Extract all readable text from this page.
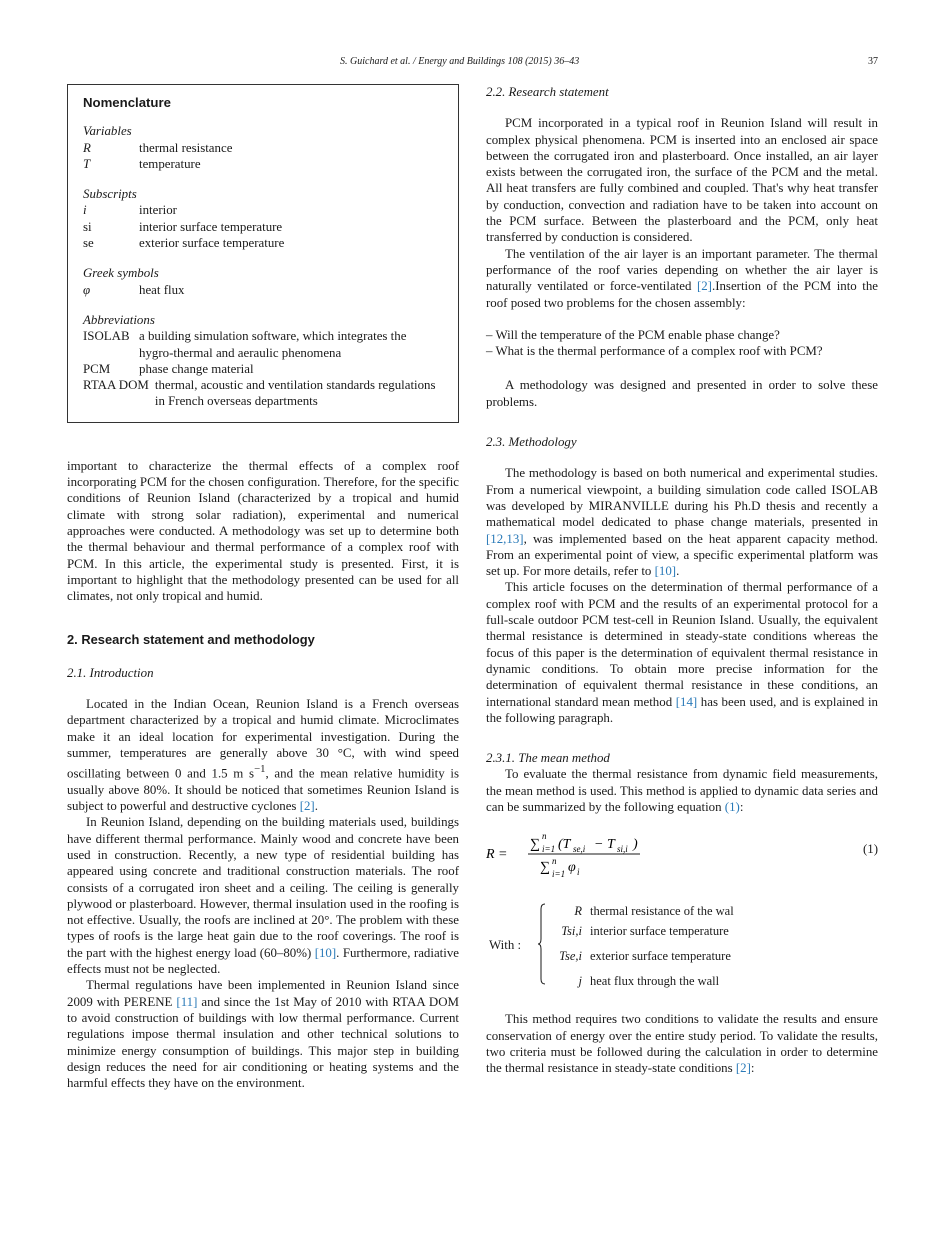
S. Guichard et al. / Energy and Buildings 108 (2015) 36–43	37
Nomenclature
Variables
R	thermal resistance
T	temperature
Subscripts
i	interior
si	interior surface temperature
se	exterior surface temperature
Greek symbols
φ	heat flux
Abbreviations
ISOLAB a building simulation software, which integrates the hygro-thermal and aeraulic phenomena
PCM	phase change material
RTAA DOM thermal, acoustic and ventilation standards regulations in French overseas departments

important to characterize the thermal effects of a complex roof incorporating PCM for the chosen configuration. Therefore, for the specific conditions of Reunion Island (characterized by a tropical and humid climate with strong solar radiation), experimental and numerical approaches were conducted. A methodology was set up to determine both the thermal behaviour and thermal performance of a complex roof with PCM. In this article, the experimental study is presented. First, it is important to highlight that the methodology presented can be used for all climates, not only tropical and humid.

2. Research statement and methodology
2.1. Introduction

Located in the Indian Ocean, Reunion Island is a French overseas department characterized by a tropical and humid climate. Microclimates make it an ideal location for experimental investigation. During the summer, temperatures are generally above 30 °C, with wind speed oscillating between 0 and 1.5 m $s^{-1}$, and the mean relative humidity is usually above 80%. It should be noticed that sometimes Reunion Island is subject to powerful and destructive cyclones [2].

In Reunion Island, depending on the building materials used, buildings have different thermal performance. Mainly wood and concrete have been used in construction. Recently, a new type of residential building has appeared using concrete and traditional construction materials. The roof consists of a corrugated iron sheet and a ceiling. The ceiling is generally plywood or plasterboard. However, thermal insulation used in the roofing is not effective. Usually, the roofs are inclined at 20°. The problem with these types of roofs is the large heat gain due to the roof coverings. The roof is the part with the highest energy load (60–80%) [10]. Furthermore, radiative effects must not be neglected.

Thermal regulations have been implemented in Reunion Island since 2009 with PERENE [11] and since the 1st May of 2010 with RTAA DOM to avoid construction of buildings with low thermal performance. Current regulations impose thermal insulation and other technical solutions to minimize energy consumption of buildings. This major step in building design reduces the need for air conditioning or heating systems and the harmful effects they have on the environment.

2.2. Research statement

PCM incorporated in a typical roof in Reunion Island will result in complex physical phenomena. PCM is inserted into an enclosed air space between the corrugated iron and plasterboard. Once installed, an air layer exists between the corrugated iron, the surface of the PCM and the metal. All heat transfers are fully combined and coupled. That's why heat transfer by conduction, convection and radiation have to be taken into account on the PCM surface. Between the plasterboard and the PCM, only heat transferred by conduction is considered.

The ventilation of the air layer is an important parameter. The thermal performance of the roof varies depending on whether the air layer is naturally ventilated or force-ventilated [2].Insertion of the PCM into the roof posed two problems for the chosen assembly:

– Will the temperature of the PCM enable phase change?
– What is the thermal performance of a complex roof with PCM?

A methodology was designed and presented in order to solve these problems.

2.3. Methodology

The methodology is based on both numerical and experimental studies. From a numerical viewpoint, a building simulation code called ISOLAB was developed by MIRANVILLE during his Ph.D thesis and recently a mathematical model dedicated to phase change materials, presented in [12,13], was implemented based on the heat apparent capacity method. From an experimental point of view, a specific experimental platform was set up. For more details, refer to [10].

This article focuses on the determination of thermal performance of a complex roof with PCM and the results of an experimental protocol for a full-scale outdoor PCM test-cell in Reunion Island. Usually, the equivalent thermal resistance is determined in steady-state conditions whereas the focus of this paper is the determination of equivalent thermal resistance in dynamic conditions. To obtain more precise information for the determination of equivalent thermal resistance in these conditions, an international standard mean method [14] has been used, and is explained in the following paragraph.

2.3.1. The mean method

To evaluate the thermal resistance from dynamic field measurements, the mean method is used. This method is applied to dynamic data series and can be summarized by the following equation (1):

R =
∑
n
i=1 (T se,i − T si,i )
∑ n
i=1 φ i
(1)
With :
R thermal resistance of the wal
Tsi,i interior surface temperature
Tse,i exterior surface temperature
j heat flux through the wall

This method requires two conditions to validate the results and ensure conservation of energy over the entire study period. To validate the results, two criteria must be followed during the calculation in order to determine the thermal resistance in steady-state conditions [2]:
